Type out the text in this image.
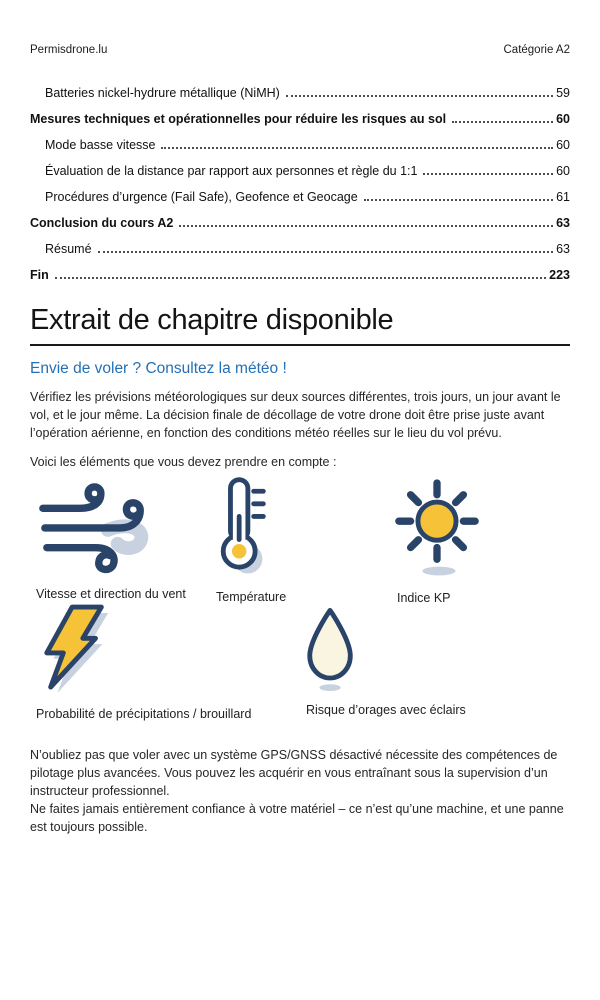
Permisdrone.lu	Catégorie A2
Batteries nickel-hydrure métallique (NiMH)	59
Mesures techniques et opérationnelles pour réduire les risques au sol	60
Mode basse vitesse	60
Évaluation de la distance par rapport aux personnes et règle du 1:1	60
Procédures d’urgence (Fail Safe), Geofence et Geocage	61
Conclusion du cours A2	63
Résumé	63
Fin	223
Extrait de chapitre disponible
Envie de voler ? Consultez la météo !

Vérifiez les prévisions météorologiques sur deux sources différentes, trois jours, un jour avant le vol, et le jour même. La décision finale de décollage de votre drone doit être prise juste avant l’opération aérienne, en fonction des conditions météo réelles sur le lieu du vol prévu.

Voici les éléments que vous devez prendre en compte :

Vitesse et direction du vent Température	Indice KP
Probabilité de précipitations / brouillard	Risque d’orages avec éclairs

N’oubliez pas que voler avec un système GPS/GNSS désactivé nécessite des compétences de pilotage plus avancées. Vous pouvez les acquérir en vous entraînant sous la supervision d’un instructeur professionnel.

Ne faites jamais entièrement confiance à votre matériel – ce n’est qu’une machine, et une panne est toujours possible.
